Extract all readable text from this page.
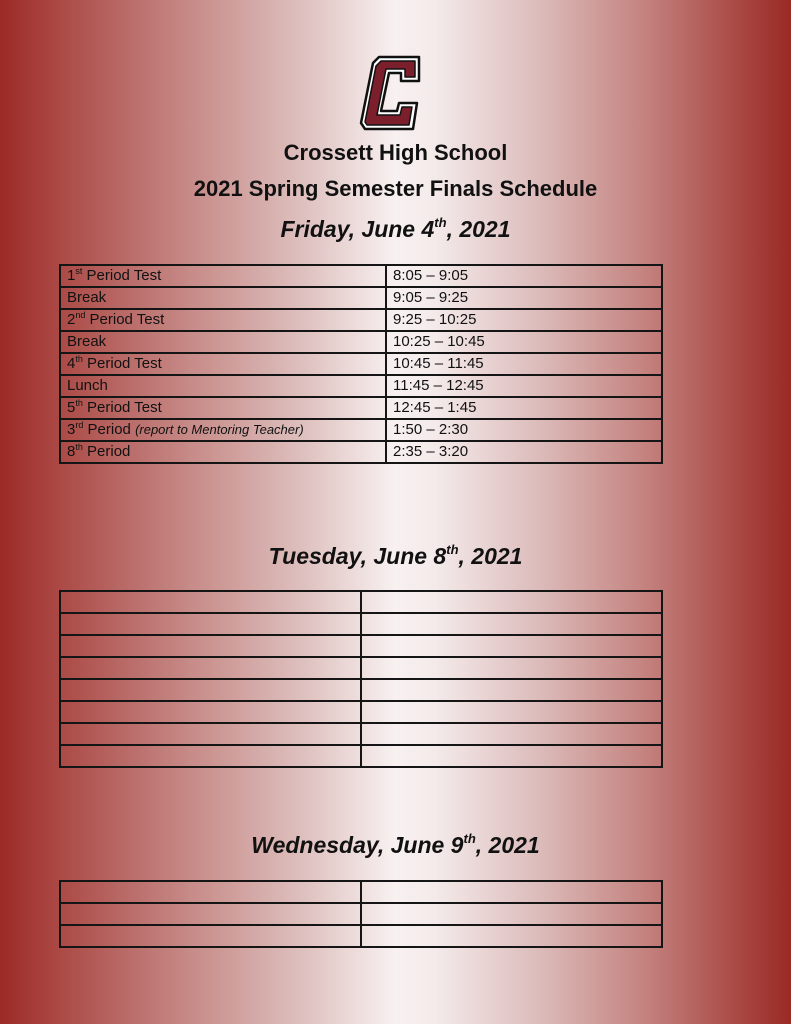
Crossett High School
2021 Spring Semester Finals Schedule
Friday, June 4th, 2021
1st Period Test	8:05 – 9:05
Break	9:05 – 9:25
2nd Period Test	9:25 – 10:25
Break	10:25 – 10:45
4th Period Test	10:45 – 11:45
Lunch	11:45 – 12:45
5th Period Test	12:45 – 1:45
3rd Period (report to Mentoring Teacher)	1:50 – 2:30
8th Period	2:35 – 3:20
Tuesday, June 8th, 2021

Wednesday, June 9th, 2021
